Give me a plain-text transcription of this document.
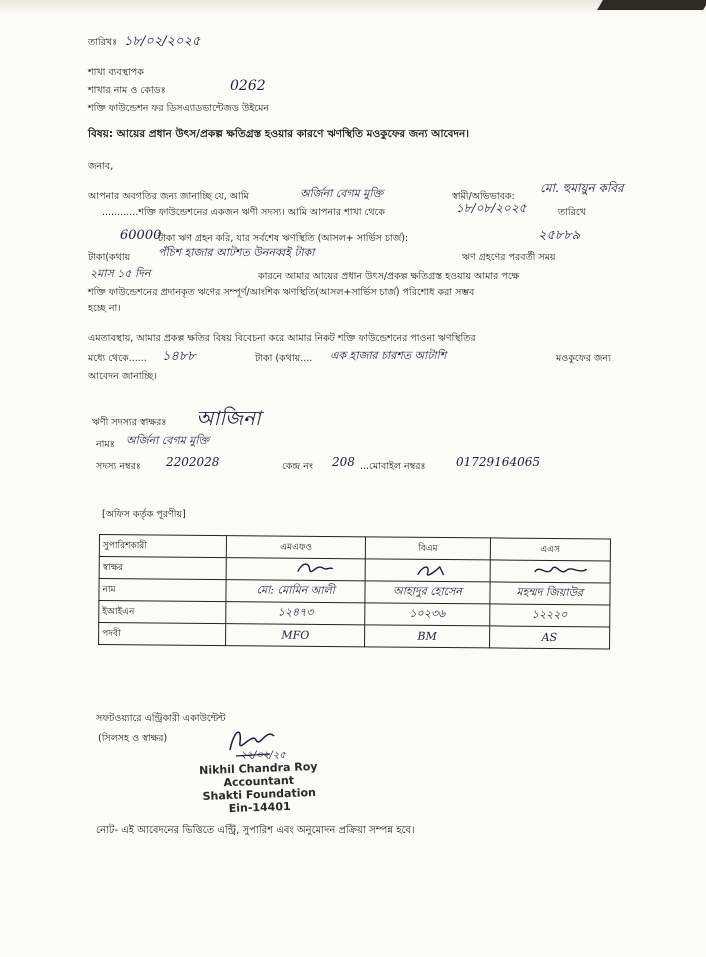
তারিখঃ ১৮/০২/২০২৫
শাখা ব্যবস্থাপক
শাখার নাম ও কোডঃ	0262
শক্তি ফাউন্ডেশন ফর ডিসএ্যাডভান্টেজড উইমেন
বিষয়: আয়ের প্রধান উৎস/প্রকল্প ক্ষতিগ্রস্ত হওয়ার কারণে ঋণস্থিতি মওকুফের জন্য আবেদন।
জনাব,
আপনার অবগতির জন্য জানাচ্ছি যে, আমি	অর্জিনা বেগম মুক্তি	স্বামী/অভিভাবক:
মো. হুমায়ুন কবির
............শক্তি ফাউন্ডেশনের একজন ঋণী সদস্য। আমি আপনার শাখা থেকে	১৮/০৮/২০২৫	তারিখে
60000
টাকা ঋণ গ্রহন করি, যার সর্বশেষ ঋণস্থিতি (আসল+ সার্ভিস চার্জ):	২৫৮৮৯
টাকা(কথায়	পঁচিশ হাজার আটশত উননব্বই টাকা	ঋণ গ্রহণের পরবর্তী সময়
২মাস ১৫ দিন	কারনে আমার আয়ের প্রধান উৎস/প্রকল্প ক্ষতিগ্রস্ত হওয়ায় আমার পক্ষে
শক্তি ফাউন্ডেশনের প্রদানকৃত ঋণের সম্পূর্ণ/আংশিক ঋণস্থিতি(আসল+সার্ভিস চার্জ) পরিশোধ করা সম্ভব
হচ্ছে না।
এমতাবস্থায়, আমার প্রকল্প ক্ষতির বিষয় বিবেচনা করে আমার নিকট শক্তি ফাউন্ডেশনের পাওনা ঋণস্থিতির
মধ্যে থেকে...... ১৪৮৮	টাকা (কথায়.... এক হাজার চারশত আটাশি	মওকুফের জন্য
আবেদন জানাচ্ছি।
ঋণী সদস্যর স্বাক্ষরঃ আজিনা
নামঃ অর্জিনা বেগম মুক্তি
সদস্য নম্বরঃ 2202028	কেন্দ্র নং 208 ...মোবাইল নম্বরঃ	01729164065
[অফিস কর্তৃক পূরণীয়]
সুপারিশকারী	এমএফও	বিএম	এএস
স্বাক্ষর	

নাম	মো: মোমিন আলী	আহাদুর হোসেন	মহম্মদ জিয়াউর

ইআইএন	১২৪৭৩	১০২৩৬	১২২২০

পদবী	MFO	BM	AS
সফটওয়্যারে এন্ট্রিকারী একাউন্টেন্ট
(সিলসহ ও স্বাক্ষর)
২২/০২/২৫
Nikhil Chandra Roy
Accountant
Shakti Foundation
Ein-14401
নোট- এই আবেদনের ভিত্তিতে এন্ট্রি, সুপারিশ এবং অনুমোদন প্রক্রিয়া সম্পন্ন হবে।
